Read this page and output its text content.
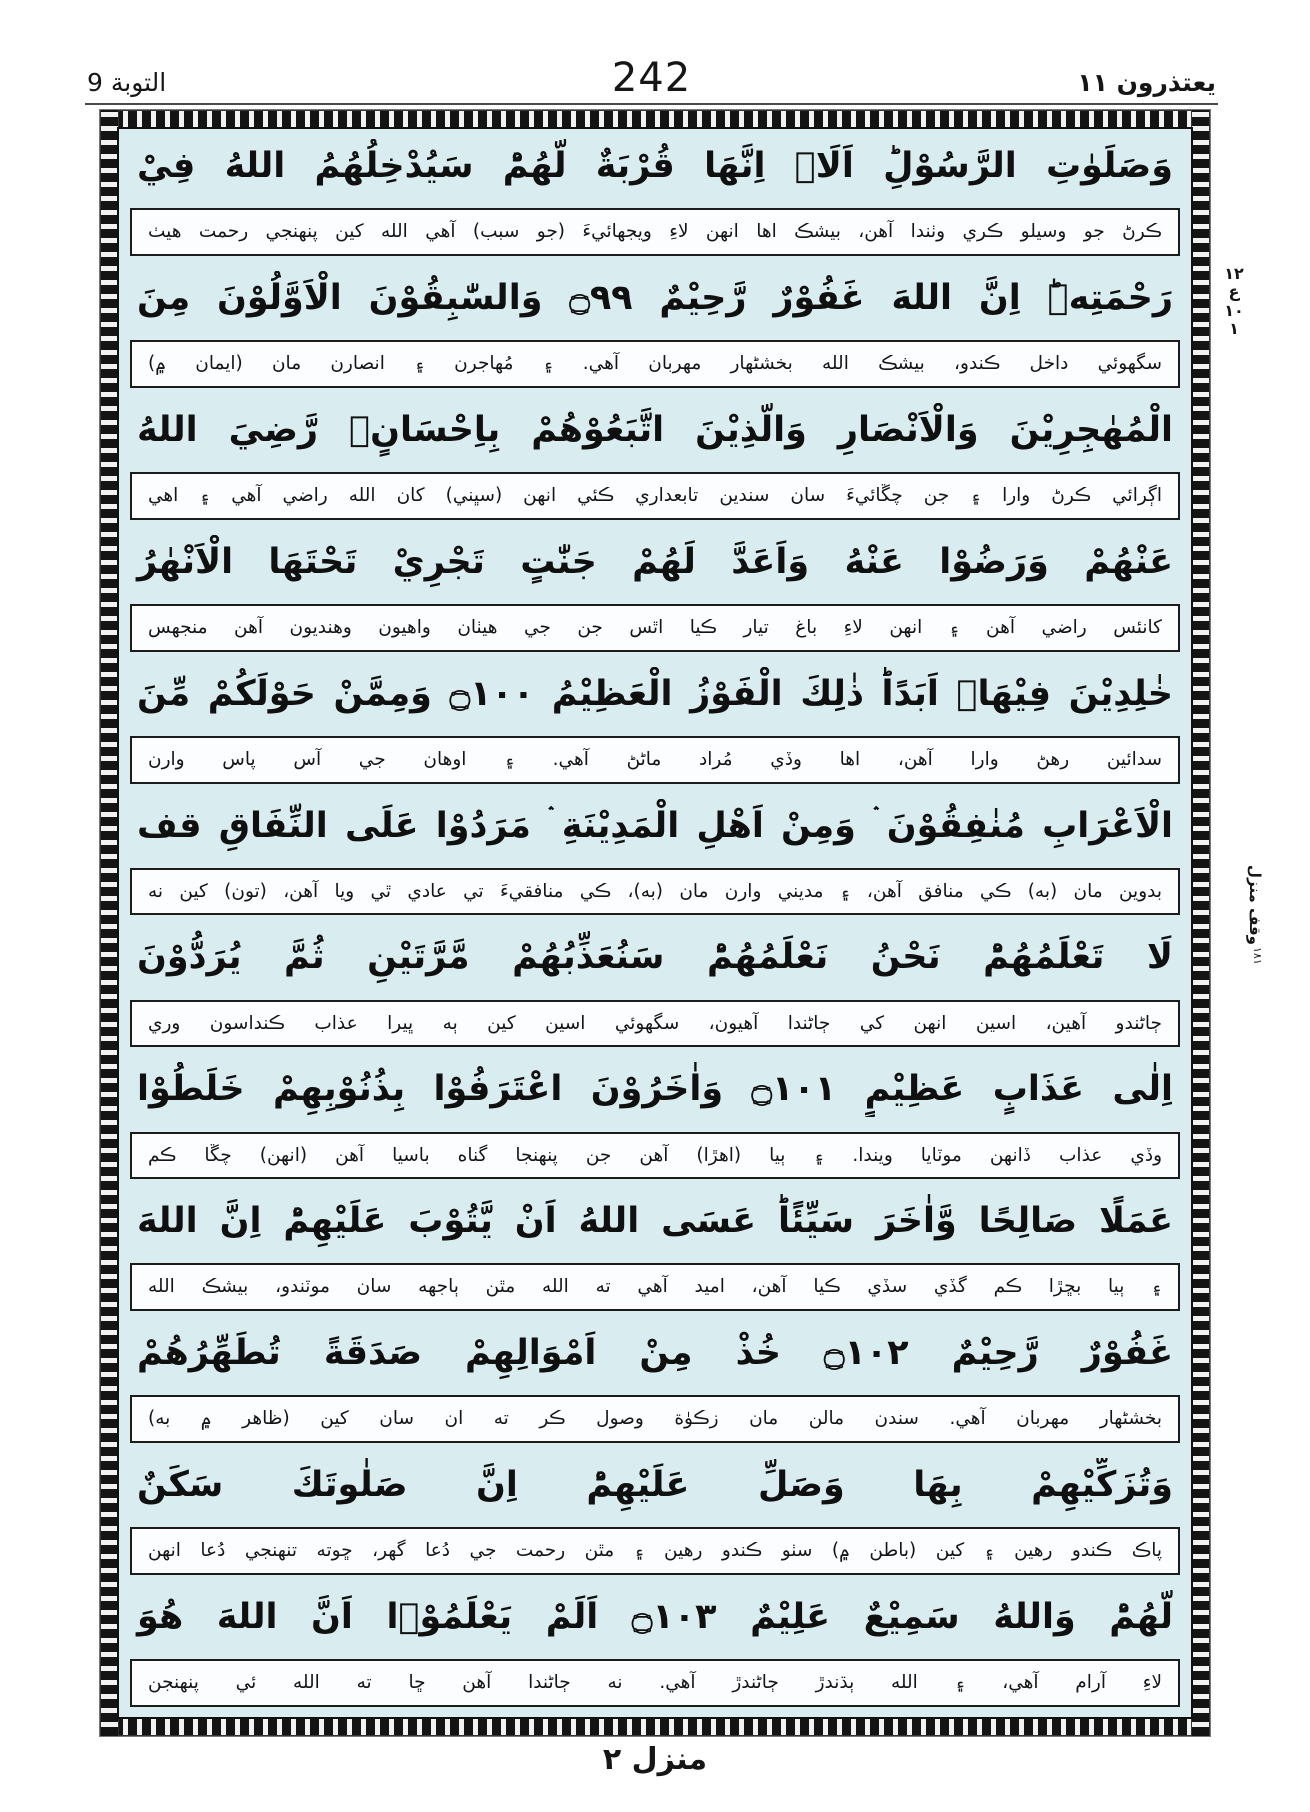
التوبة 9	242	يعتذرون ١١
وَصَلَوٰتِ الرَّسُوْلِؕ اَلَاۤ اِنَّهَا قُرْبَةٌ لَّهُمْؕ سَيُدْخِلُهُمُ اللهُ فِيْ
ڪرڻ جو وسيلو ڪري وٺندا آهن، بيشڪ اها انهن لاءِ ويجهائيءَ (جو سبب) آهي الله کين پنهنجي رحمت هيٺ
رَحْمَتِهٖؕ اِنَّ اللهَ غَفُوْرٌ رَّحِيْمٌ ۝٩٩ وَالسّٰبِقُوْنَ الْاَوَّلُوْنَ مِنَ
سگهوئي داخل ڪندو، بيشڪ الله بخشڻهار مهربان آهي. ۽ مُهاجرن ۽ انصارن مان (ايمان ۾)
الْمُهٰجِرِيْنَ وَالْاَنْصَارِ وَالَّذِيْنَ اتَّبَعُوْهُمْ بِاِحْسَانٍۙ رَّضِيَ اللهُ
اڳرائي ڪرڻ وارا ۽ جن چڱائيءَ سان سندين تابعداري ڪئي انهن (سڀني) کان الله راضي آهي ۽ اهي
عَنْهُمْ وَرَضُوْا عَنْهُ وَاَعَدَّ لَهُمْ جَنّٰتٍ تَجْرِيْ تَحْتَهَا الْاَنْهٰرُ
کانئس راضي آهن ۽ انهن لاءِ باغ تيار ڪيا اٿس جن جي هيٺان واهيون وهنديون آهن منجهس
خٰلِدِيْنَ فِيْهَاۤ اَبَدًاؕ ذٰلِكَ الْفَوْزُ الْعَظِيْمُ ۝١٠٠ وَمِمَّنْ حَوْلَكُمْ مِّنَ
سدائين رهڻ وارا آهن، اها وڏي مُراد ماڻڻ آهي. ۽ اوهان جي آس پاس وارن
الْاَعْرَابِ مُنٰفِقُوْنَ ۛ وَمِنْ اَهْلِ الْمَدِيْنَةِ ۛ مَرَدُوْا عَلَى النِّفَاقِ قف
بدوين مان (به) ڪي منافق آهن، ۽ مديني وارن مان (به)، ڪي منافقيءَ تي عادي ٿي ويا آهن، (تون) کين نه
لَا تَعْلَمُهُمْؕ نَحْنُ نَعْلَمُهُمْؕ سَنُعَذِّبُهُمْ مَّرَّتَيْنِ ثُمَّ يُرَدُّوْنَ
ڄاڻندو آهين، اسين انهن کي ڄاڻندا آهيون، سگهوئي اسين کين ٻه ڀيرا عذاب ڪنداسون وري
اِلٰى عَذَابٍ عَظِيْمٍ ۝١٠١ وَاٰخَرُوْنَ اعْتَرَفُوْا بِذُنُوْبِهِمْ خَلَطُوْا
وڏي عذاب ڏانهن موٽايا ويندا. ۽ ٻيا (اهڙا) آهن جن پنهنجا گناه باسيا آهن (انهن) چڱا ڪم
عَمَلًا صَالِحًا وَّاٰخَرَ سَيِّئًاؕ عَسَى اللهُ اَنْ يَّتُوْبَ عَلَيْهِمْؕ اِنَّ اللهَ
۽ ٻيا بڇڙا ڪم گڏي سڏي ڪيا آهن، اميد آهي ته الله مٿن ٻاجهه سان موٽندو، بيشڪ الله
غَفُوْرٌ رَّحِيْمٌ ۝١٠٢ خُذْ مِنْ اَمْوَالِهِمْ صَدَقَةً تُطَهِّرُهُمْ
بخشڻهار مهربان آهي. سندن مالن مان زڪوٰة وصول ڪر ته ان سان کين (ظاهر ۾ به)
وَتُزَكِّيْهِمْ بِهَا وَصَلِّ عَلَيْهِمْؕ اِنَّ صَلٰوتَكَ سَكَنٌ
پاڪ ڪندو رهين ۽ کين (باطن ۾) سٺو ڪندو رهين ۽ مٿن رحمت جي دُعا گهر، ڇوته تنهنجي دُعا انهن
لَّهُمْؕ وَاللهُ سَمِيْعٌ عَلِيْمٌ ۝١٠٣ اَلَمْ يَعْلَمُوْۤا اَنَّ اللهَ هُوَ
لاءِ آرام آهي، ۽ الله ٻڌندڙ ڄاڻندڙ آهي. نه ڄاڻندا آهن ڇا ته الله ئي پنهنجن
١٢
ع
١٠
١
١٨١
وقف منزل
منزل ٢
